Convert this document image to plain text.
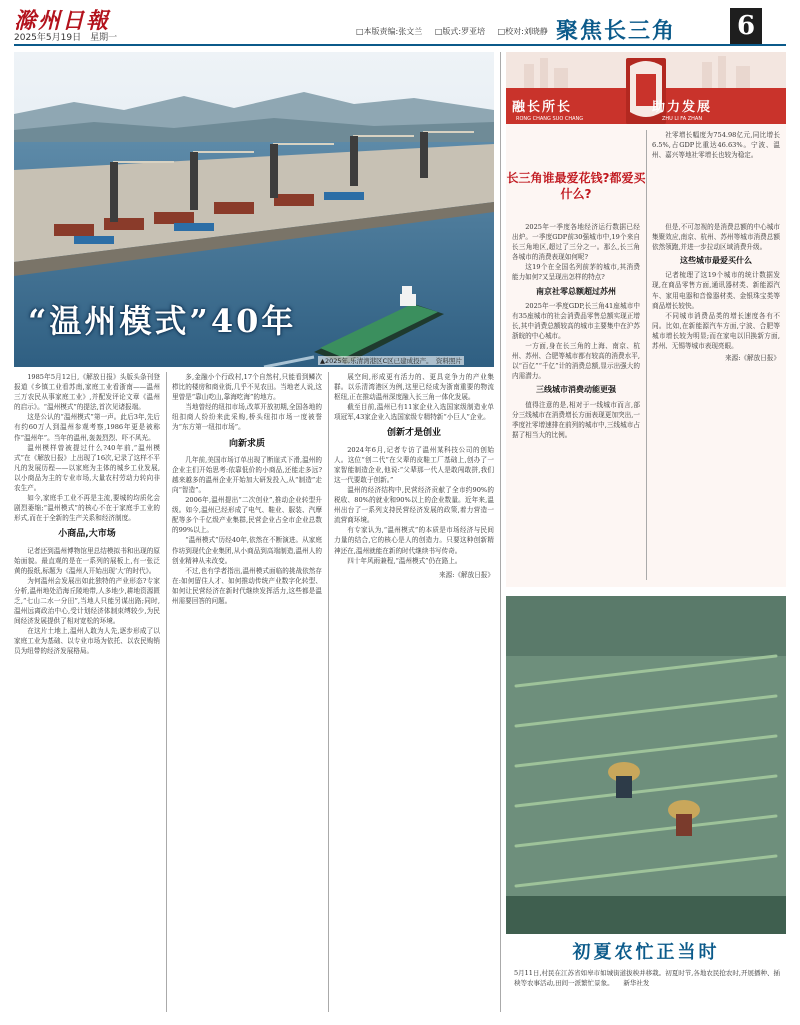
滁州日報
2025年5月19日　星期一
□本版责编:张文兰 □版式:罗亚培 □校对:刘晓静 聚焦长三角 6
“温州模式”40年
▲2025年,乐清湾港区C区已建成投产。　资料照片

1985年5月12日,《解放日报》头版头条刊登报道《乡镇工业看苏南,家庭工业看浙南——温州三万农民从事家庭工业》,并配发评论文章《温州的启示》。“温州模式”的提法,首次见诸报端。

这是公认的“温州模式”第一声。此后3年,先后有约60万人到温州参观考察,1986年更是被称作“温州年”。当年的温州,轰轰烈烈、吓不风光。

温州模样曾被提过什么?40年前,“温州模式”在《解放日报》上出现了16次,记录了这样不平凡的发展历程——以家庭为主体的城乡工业发展,以小商品为主的专业市场,大量农村劳动力转向非农生产。

如今,家庭手工业不再是主流,要城的均质化会剧烈萎缩;“温州模式”的核心不在于家庭手工业的形式,而在于全新的生产关系和经济制度。

小商品,大市场

记者还到温州博物馆里总结模拟书和出现的原始面貌。最直观的是在一系列的展板上,有一张泛黄的报纸,标题为《温州人开始出现‘大’的时代》。

为何温州会发展出如此独特的产业形态?专家分析,温州地处沿海丘陵地带,人多地少,耕地资源匮乏,“七山二水一分田”,当地人只能另谋出路;同时,温州远离政治中心,受计划经济体制束缚较少,为民间经济发展提供了相对宽松的环境。

在这片土地上,温州人敢为人先,逐步形成了以家庭工业为基础、以专业市场为依托、以农民购销员为纽带的经济发展格局。

多,金融小个行政村,17个自然村,只能看到鳞次栉比的楼房和商业街,几乎不见农田。当地老人说,这里曾是“靠山吃山,靠海吃海”的地方。

当地曾经的纽扣市场,改革开放初期,全国各地的纽扣商人纷纷来此采购,桥头纽扣市场一度被誉为“东方第一纽扣市场”。

向新求质

几年前,美国市场订单出现了断崖式下滑,温州的企业主们开始思考:依靠低价的小商品,还能走多远?越来越多的温州企业开始加大研发投入,从“制造”走向“智造”。

2006年,温州提出“二次创业”,推动企业转型升级。如今,温州已经形成了电气、鞋业、服装、汽摩配等多个千亿级产业集群,民营企业占全市企业总数的99%以上。

“温州模式”历经40年,依然在不断演进。从家庭作坊到现代企业集团,从小商品到高端制造,温州人的创业精神从未改变。

不过,也有学者指出,温州模式面临的挑战依然存在:如何留住人才、如何推动传统产业数字化转型、如何让民营经济在新时代继续发挥活力,这些都是温州需要回答的问题。

展空间,形成更有活力的、更具竞争力的产业集群。以乐清湾港区为例,这里已经成为浙南重要的物流枢纽,正在推动温州深度融入长三角一体化发展。

截至目前,温州已有11家企业入选国家级制造业单项冠军,43家企业入选国家级专精特新“小巨人”企业。

创新才是创业

2024年6月,记者专访了温州某科技公司的创始人。这位“创二代”在父辈的皮鞋工厂基础上,创办了一家智能制造企业,他说:“父辈那一代人是敢闯敢拼,我们这一代要敢于创新。”

温州的经济结构中,民营经济贡献了全市约90%的税收、80%的就业和90%以上的企业数量。近年来,温州出台了一系列支持民营经济发展的政策,着力营造一流营商环境。

有专家认为,“温州模式”的本质是市场经济与民间力量的结合,它的核心是人的创造力。只要这种创新精神还在,温州就能在新的时代继续书写传奇。

四十年风雨兼程,“温州模式”仍在路上。

来源:《解放日报》

融长所长
RONG CHANG SUO CHANG
助力发展
ZHU LI FA ZHAN
长三角谁最爱花钱?都爱买什么?

2025年一季度各地经济运行数据已经出炉。一季度GDP前30强城市中,19个来自长三角地区,超过了三分之一。那么,长三角各城市的消费表现如何呢?

这19个在全国名列前茅的城市,其消费能力如何?又呈现出怎样的特点?

南京社零总额超过苏州

2025年一季度GDP,长三角41座城市中有35座城市的社会消费品零售总额实现正增长,其中消费总额较高的城市主要集中在沪苏浙皖的中心城市。

一方面,身在长三角的上海、南京、杭州、苏州、合肥等城市都有较高的消费水平,以“百亿”“千亿”计的消费总额,显示出强大的内需潜力。

三线城市消费动能更强

值得注意的是,相对于一线城市而言,部分三线城市在消费增长方面表现更加突出,一季度社零增速排在前列的城市中,三线城市占据了相当大的比例。

社零增长幅度为754.98亿元,同比增长6.5%,占GDP比重达46.63%。宁波、温州、嘉兴等地社零增长也较为稳定。

但是,不可忽视的是消费总额的中心城市集聚效应,南京、杭州、苏州等城市消费总额依然领跑,并进一步拉动区域消费升级。

这些城市最爱买什么

记者梳理了这19个城市的统计数据发现,在商品零售方面,通讯器材类、新能源汽车、家用电器和音像器材类、金银珠宝类等商品增长较快。

不同城市消费品类的增长速度各有不同。比如,在新能源汽车方面,宁波、合肥等城市增长较为明显;而在家电以旧换新方面,苏州、无锡等城市表现亮眼。

来源:《解放日报》

初夏农忙正当时
5月11日,村民在江苏省如皋市如城街道拔秧并移栽。初夏时节,各地农民抢农时,开展播种、插秧等农事活动,田间一派繁忙景象。　　新华社发
